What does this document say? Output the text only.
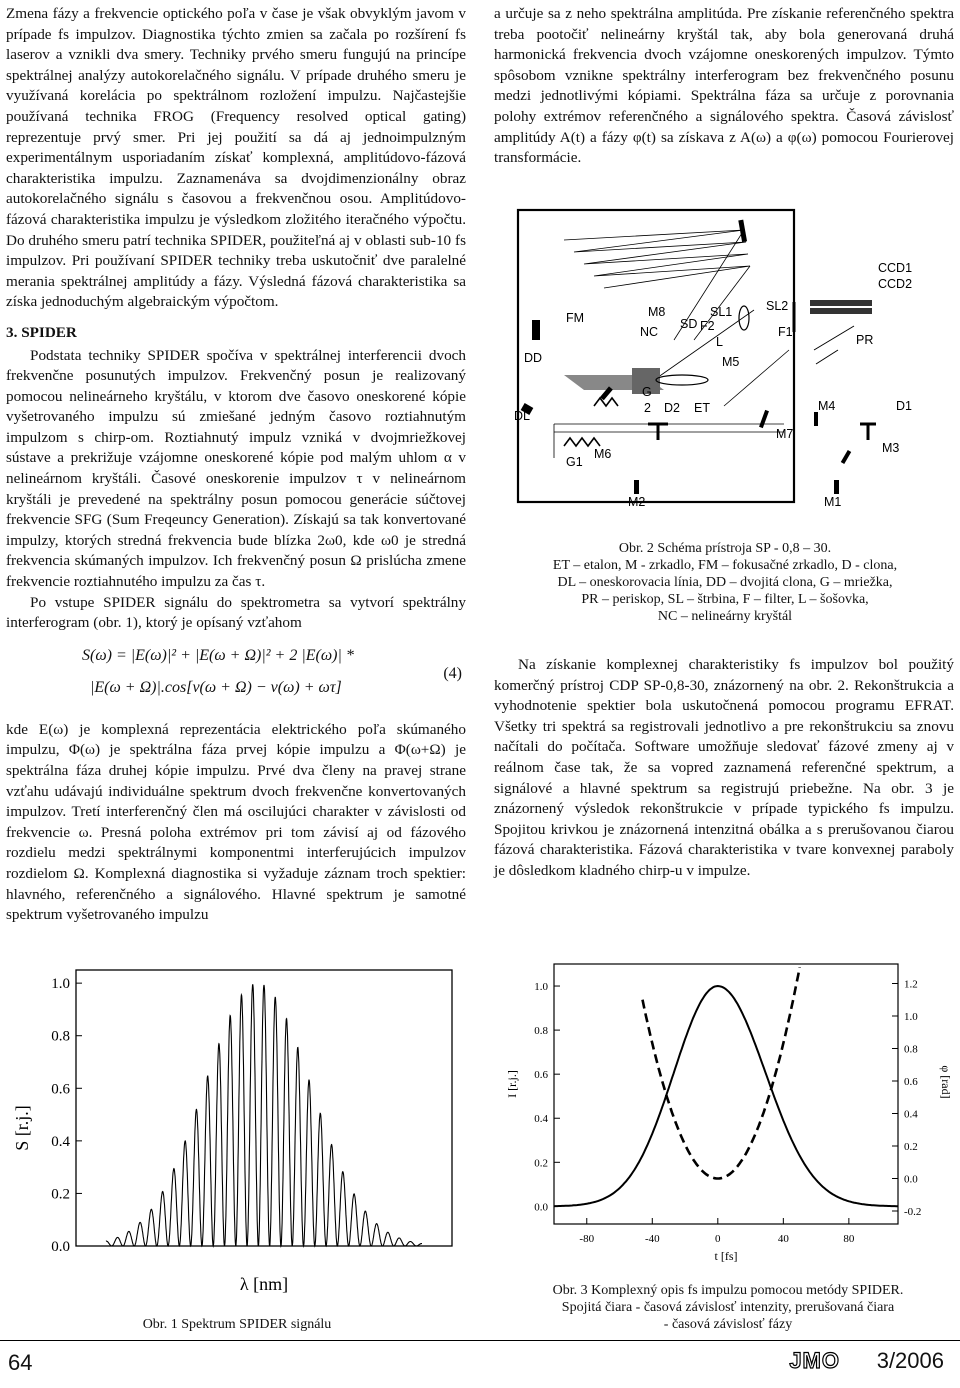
Zmena fázy a frekvencie optického poľa v čase je však obvyklým javom v prípade fs impulzov. Diagnostika týchto zmien sa začala po rozšírení fs laserov a vznikli dva smery. Techniky prvého smeru fungujú na princípe spektrálnej analýzy autokorelačného signálu. V prípade druhého smeru je využívaná korelácia po spektrálnom rozložení impulzu. Najčastejšie používaná technika FROG (Frequency resolved optical gating) reprezentuje prvý smer. Pri jej použití sa dá aj jednoimpulzným experimentálnym usporiadaním získať komplexná, amplitúdovo-fázová charakteristika impulzu. Zaznamenáva sa dvojdimenzionálny obraz autokorelačného signálu s časovou a frekvenčnou osou. Amplitúdovo- fázová charakteristika impulzu je výsledkom zložitého iteračného výpočtu. Do druhého smeru patrí technika SPIDER, použiteľná aj v oblasti sub-10 fs impulzov. Pri používaní SPIDER techniky treba uskutočniť dve paralelné merania spektrálnej amplitúdy a fázy. Výsledná fázová charakteristika sa získa jednoduchým algebraickým výpočtom.

3. SPIDER

Podstata techniky SPIDER spočíva v spektrálnej interferencii dvoch frekvenčne posunutých impulzov. Frekvenčný posun je realizovaný pomocou nelineárneho kryštálu, v ktorom dve časovo oneskorené kópie vyšetrovaného impulzu sú zmiešané jedným časovo roztiahnutým impulzom s chirp-om. Roztiahnutý impulz vzniká v dvojmriežkovej sústave a prekrižuje vzájomne oneskorené kópie pod malým uhlom α v nelineárnom kryštáli. Časové oneskorenie impulzov τ v nelineárnom kryštáli je prevedené na spektrálny posun pomocou generácie súčtovej frekvencie SFG (Sum Freqeuncy Generation). Získajú sa tak konvertované impulzy, ktorých stredná frekvencia bude blízka 2ω0, kde ω0 je stredná frekvencia skúmaných impulzov. Ich frekvenčný posun Ω prislúcha zmene frekvencie roztiahnutého impulzu za čas τ.

Po vstupe SPIDER signálu do spektrometra sa vytvorí spektrálny interferogram (obr. 1), ktorý je opísaný vzťahom

S(ω) = |E(ω)|² + |E(ω + Ω)|² + 2 |E(ω)| *
|E(ω + Ω)|.cos[ν(ω + Ω) − ν(ω) + ωτ]
(4)

kde E(ω) je komplexná reprezentácia elektrického poľa skúmaného impulzu, Φ(ω) je spektrálna fáza prvej kópie impulzu a Φ(ω+Ω) je spektrálna fáza druhej kópie impulzu. Prvé dva členy na pravej strane vzťahu udávajú individuálne spektrum dvoch frekvenčne konvertovaných impulzov. Tretí interferenčný člen má oscilujúci charakter v závislosti od frekvencie ω. Presná poloha extrémov pri tom závisí aj od fázového rozdielu medzi spektrálnymi komponentmi interferujúcich impulzov rozdielom Ω. Komplexná diagnostika si vyžaduje záznam troch spektier: hlavného, referenčného a signálového. Hlavné spektrum je samotné spektrum vyšetrovaného impulzu

a určuje sa z neho spektrálna amplitúda. Pre získanie referenčného spektra treba pootočiť nelineárny kryštál tak, aby bola generovaná druhá harmonická frekvencia dvoch vzájomne oneskorených impulzov. Týmto spôsobom vznikne spektrálny interferogram bez frekvenčného posunu medzi jednotlivými kópiami. Spektrálna fáza sa určuje z porovnania polohy extrémov referenčného a signálového spektra. Časová závislosť amplitúdy A(t) a fázy φ(t) sa získava z A(ω) a φ(ω) pomocou Fourierovej transformácie.

CCD1
CCD2
M8
FM
NC
SD F2
SL1	SL2
L
F1
M5
PR
DD
G
2 D2 ET	M4	D1
DL
M7
M3
G1
M6
M2	M1
Obr. 2 Schéma prístroja SP - 0,8 – 30.
ET – etalon, M - zrkadlo, FM – fokusačné zrkadlo, D - clona,
DL – oneskorovacia línia, DD – dvojitá clona, G – mriežka,
PR – periskop, SL – štrbina, F – filter, L – šošovka,
NC – nelineárny kryštál

Na získanie komplexnej charakteristiky fs impulzov bol použitý komerčný prístroj CDP SP-0,8-30, znázornený na obr. 2. Rekonštrukcia a vyhodnotenie spektier bola uskutočnená pomocou programu EFRAT. Všetky tri spektrá sa registrovali jednotlivo a pre rekonštrukciu sa znovu načítali do počítača. Software umožňuje sledovať fázové zmeny aj v reálnom čase tak, že sa vopred zaznamená referenčné spektrum, a signálové a hlavné spektrum sa registrujú priebežne. Na obr. 3 je znázornený výsledok rekonštrukcie v prípade typického fs impulzu. Spojitou krivkou je znázornená intenzitná obálka a s prerušovanou čiarou fázová charakteristika. Fázová charakteristika v tvare konvexnej paraboly je dôsledkom kladného chirp-u v impulze.

0.0
0.2
0.4
0.6
0.8
1.0
S [r.j.]
λ [nm]
Obr. 1 Spektrum SPIDER signálu
-80	-40	0	40	80
0.0
0.2
0.4
0.6
0.8
1.0
-0.2
0.0
0.2
0.4
0.6
0.8
1.0
1.2
I [r.j.]	φ [rad]
t [fs]
Obr. 3 Komplexný opis fs impulzu pomocou metódy SPIDER.
Spojitá čiara - časová závislosť intenzity, prerušovaná čiara
- časová závislosť fázy
64	JMO 3/2006
